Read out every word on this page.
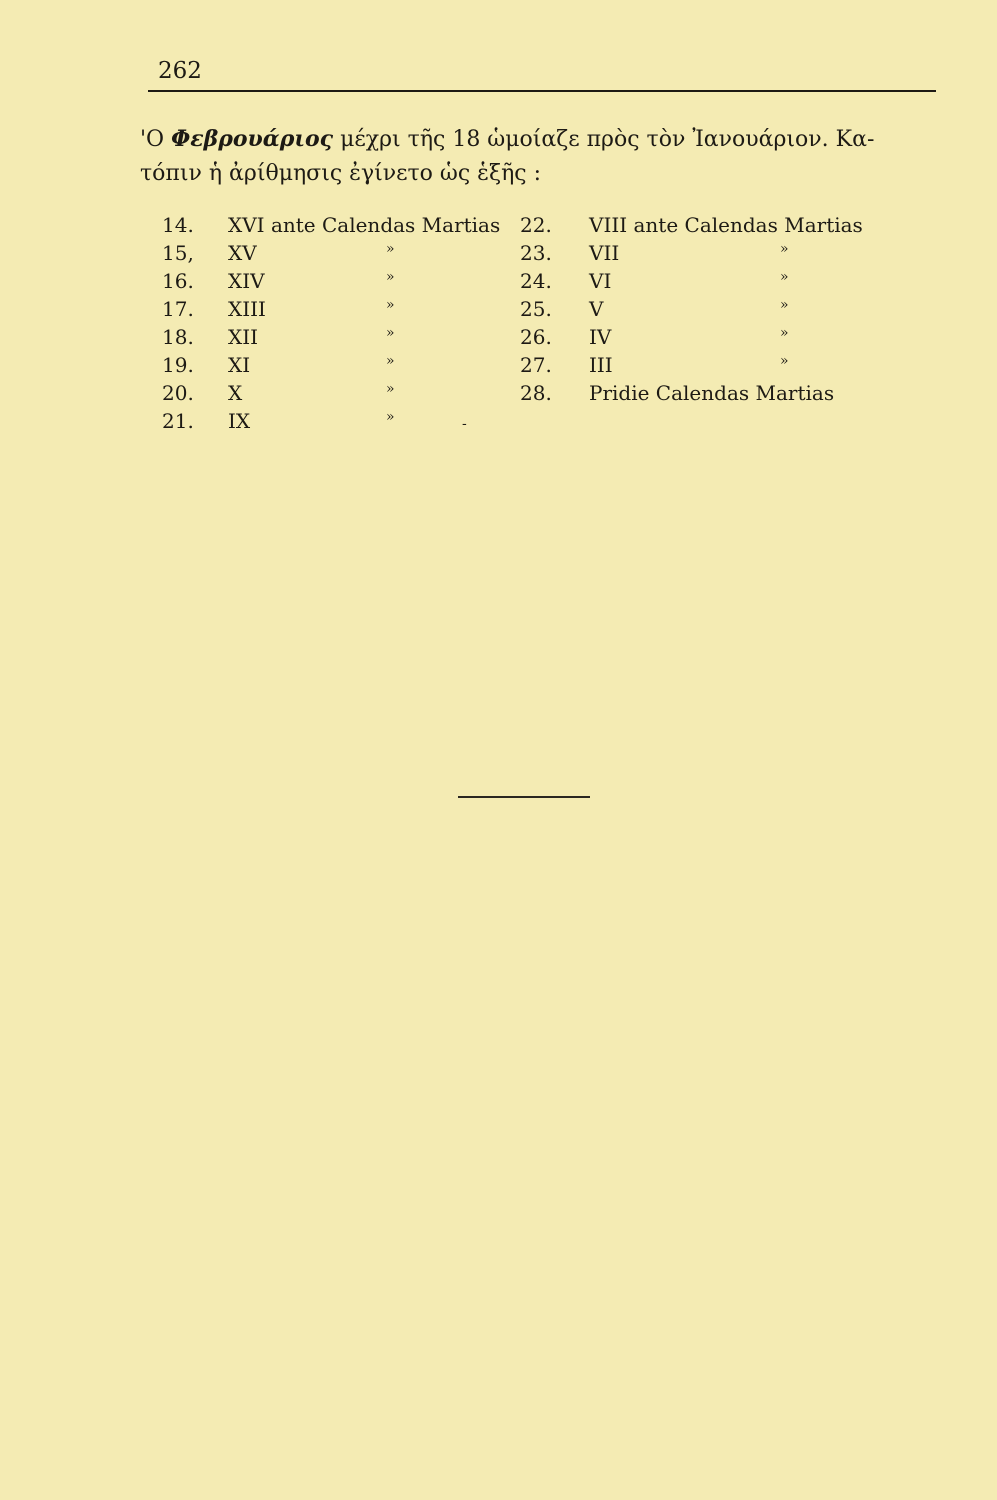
262
'Ο Φεβρουάριος μέχρι τῆς 18 ὡμοίαζε πρὸς τὸν Ἰανουάριον. Κα-
τόπιν ἡ ἀρίθμησις ἐγίνετο ὡς ἑξῆς :
14. XVI ante Calendas Martias 22. VIII ante Calendas Martias
15, XV	»	23. VII	»
16. XIV	»	24. VI	»
17. XIII	»	25. V	»
18. XII	»	26. IV	»
19. XI	»	27. III	»
20. X	»	28. Pridie Calendas Martias
21. IX	»	-
